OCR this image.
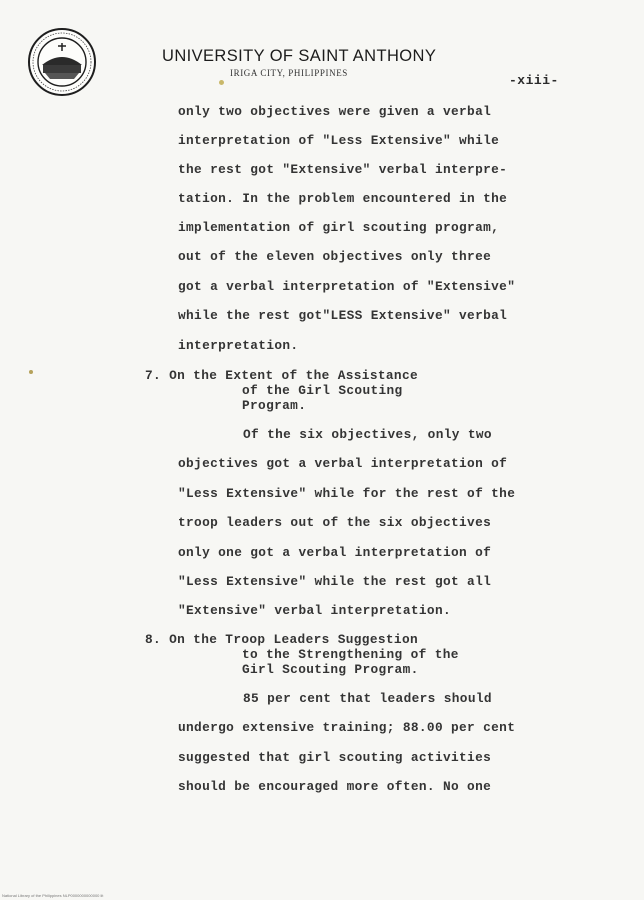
UNIVERSITY OF SAINT ANTHONY
IRIGA CITY, PHILIPPINES	-xiii-
only two objectives were given a verbal
interpretation of "Less Extensive" while
the rest got "Extensive" verbal interpre-
tation. In the problem encountered in the
implementation of girl scouting program,
out of the eleven objectives only three
got a verbal interpretation of "Extensive"
while the rest got"LESS Extensive" verbal
interpretation.
7. On the Extent of the Assistance
of the Girl Scouting
Program.
Of the six objectives, only two
objectives got a verbal interpretation of
"Less Extensive" while for the rest of the
troop leaders out of the six objectives
only one got a verbal interpretation of
"Less Extensive" while the rest got all
"Extensive" verbal interpretation.
8. On the Troop Leaders Suggestion
to the Strengthening of the
Girl Scouting Program.
85 per cent that leaders should
undergo extensive training; 88.00 per cent
suggested that girl scouting activities
should be encouraged more often. No one
National Library of the Philippines NLP0000000000000 lit
